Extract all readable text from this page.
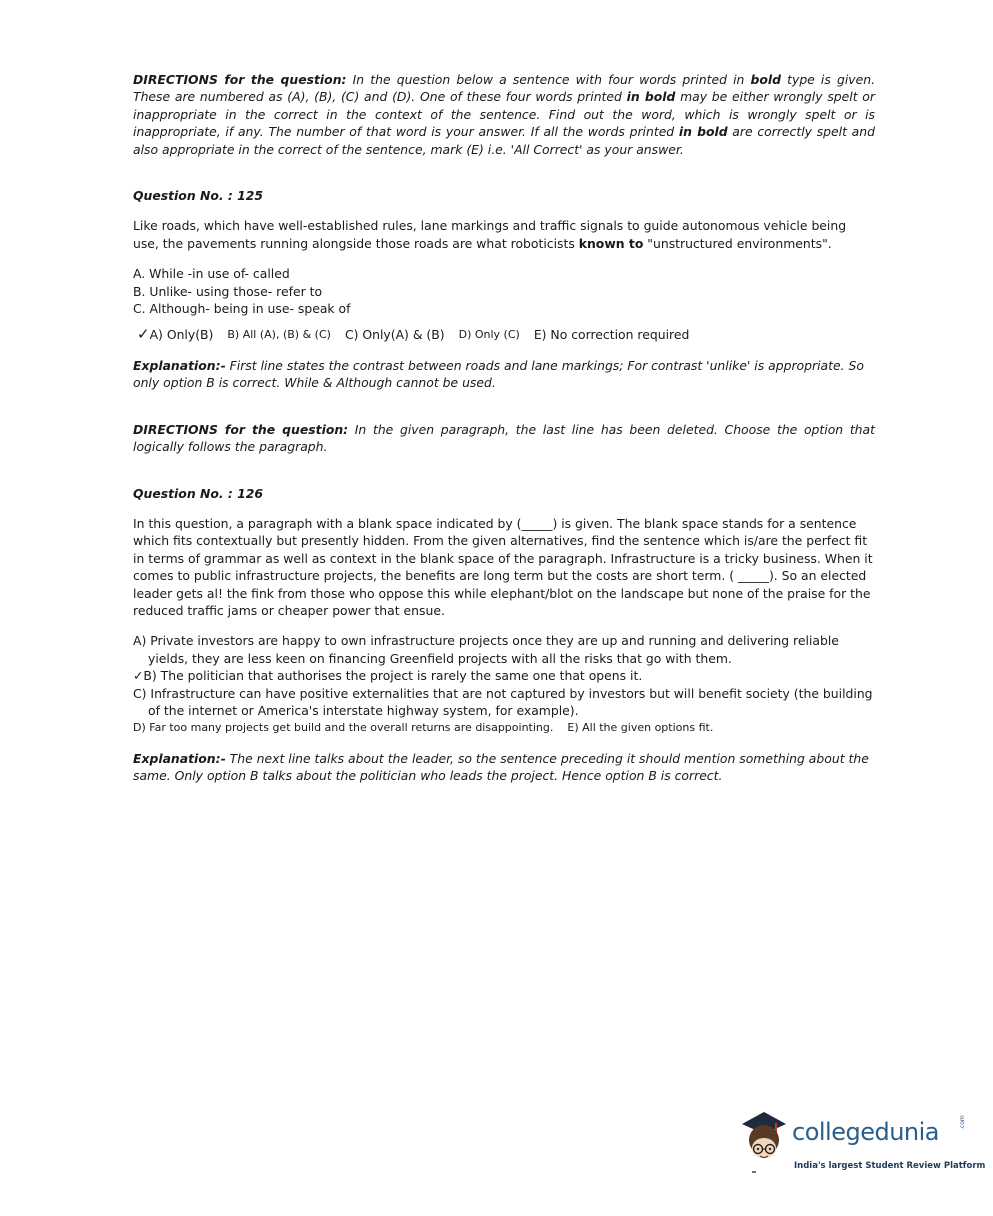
DIRECTIONS for the question: In the question below a sentence with four words printed in bold type is given. These are numbered as (A), (B), (C) and (D). One of these four words printed in bold may be either wrongly spelt or inappropriate in the correct in the context of the sentence. Find out the word, which is wrongly spelt or is inappropriate, if any. The number of that word is your answer. If all the words printed in bold are correctly spelt and also appropriate in the correct of the sentence, mark (E) i.e. 'All Correct' as your answer.
Question No. : 125
Like roads, which have well-established rules, lane markings and traffic signals to guide autonomous vehicle being use, the pavements running alongside those roads are what roboticists known to "unstructured environments".
A. While -in use of- called
B. Unlike- using those- refer to
C. Although- being in use- speak of
✓ A) Only(B) B) All (A), (B) & (C) C) Only(A) & (B) D) Only (C) E) No correction required
Explanation:- First line states the contrast between roads and lane markings; For contrast 'unlike' is appropriate. So only option B is correct. While & Although cannot be used.
DIRECTIONS for the question: In the given paragraph, the last line has been deleted. Choose the option that logically follows the paragraph.
Question No. : 126
In this question, a paragraph with a blank space indicated by (_____) is given. The blank space stands for a sentence which fits contextually but presently hidden. From the given alternatives, find the sentence which is/are the perfect fit in terms of grammar as well as context in the blank space of the paragraph. Infrastructure is a tricky business. When it comes to public infrastructure projects, the benefits are long term but the costs are short term. ( _____). So an elected leader gets al! the fink from those who oppose this while elephant/blot on the landscape but none of the praise for the reduced traffic jams or cheaper power that ensue.
A) Private investors are happy to own infrastructure projects once they are up and running and delivering reliable yields, they are less keen on financing Greenfield projects with all the risks that go with them.
✓B) The politician that authorises the project is rarely the same one that opens it.
C) Infrastructure can have positive externalities that are not captured by investors but will benefit society (the building of the internet or America's interstate highway system, for example).
D) Far too many projects get build and the overall returns are disappointing. E) All the given options fit.
Explanation:- The next line talks about the leader, so the sentence preceding it should mention something about the same. Only option B talks about the politician who leads the project. Hence option B is correct.
collegedunia	.com
India's largest Student Review Platform
